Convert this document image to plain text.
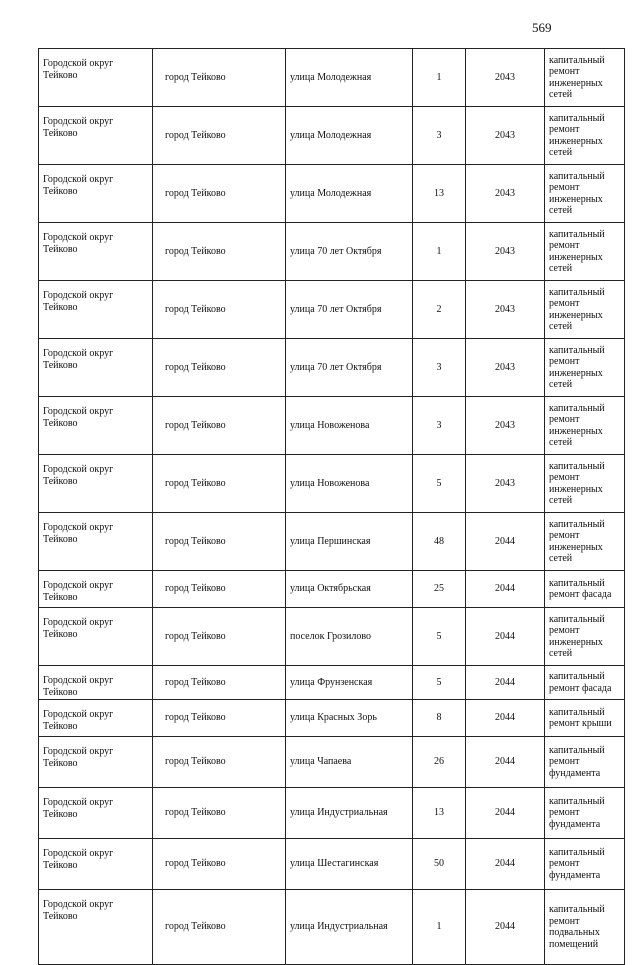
569
Городской округ Тейково	город Тейково	улица Молодежная	1	2043	капитальный ремонт инженерных сетей
Городской округ Тейково	город Тейково	улица Молодежная	3	2043	капитальный ремонт инженерных сетей
Городской округ Тейково	город Тейково	улица Молодежная	13	2043	капитальный ремонт инженерных сетей
Городской округ Тейково	город Тейково	улица 70 лет Октября	1	2043	капитальный ремонт инженерных сетей
Городской округ Тейково	город Тейково	улица 70 лет Октября	2	2043	капитальный ремонт инженерных сетей
Городской округ Тейково	город Тейково	улица 70 лет Октября	3	2043	капитальный ремонт инженерных сетей
Городской округ Тейково	город Тейково	улица Новоженова	3	2043	капитальный ремонт инженерных сетей
Городской округ Тейково	город Тейково	улица Новоженова	5	2043	капитальный ремонт инженерных сетей
Городской округ Тейково	город Тейково	улица Першинская	48	2044	капитальный ремонт инженерных сетей
Городской округ Тейково	город Тейково	улица Октябрьская	25	2044	капитальный ремонт фасада
Городской округ Тейково	город Тейково	поселок Грозилово	5	2044	капитальный ремонт инженерных сетей
Городской округ Тейково	город Тейково	улица Фрунзенская	5	2044	капитальный ремонт фасада
Городской округ Тейково	город Тейково	улица Красных Зорь	8	2044	капитальный ремонт крыши
Городской округ Тейково	город Тейково	улица Чапаева	26	2044	капитальный ремонт фундамента
Городской округ Тейково	город Тейково	улица Индустриальная	13	2044	капитальный ремонт фундамента
Городской округ Тейково	город Тейково	улица Шестагинская	50	2044	капитальный ремонт фундамента
Городской округ Тейково	город Тейково	улица Индустриальная	1	2044	капитальный ремонт подвальных помещений
